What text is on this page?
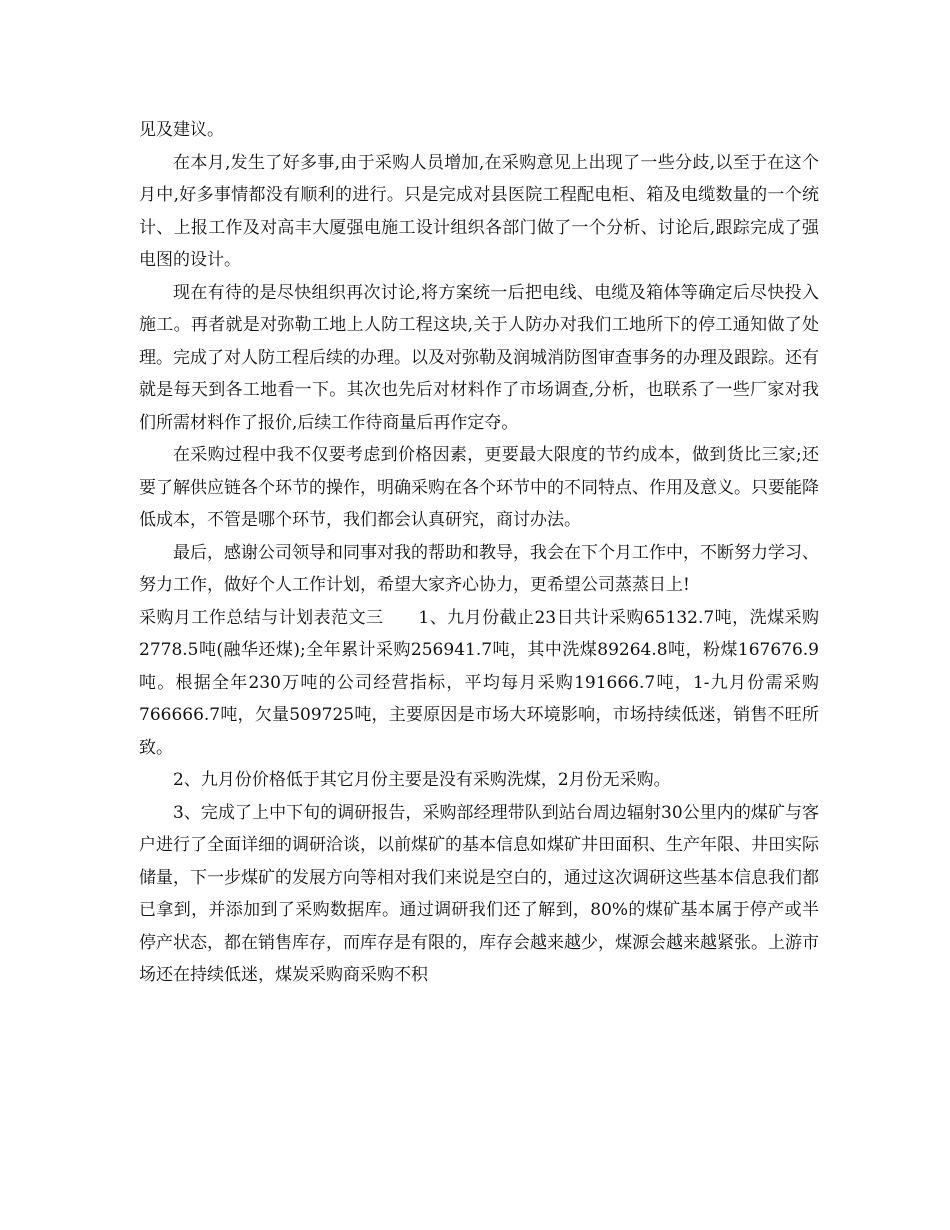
见及建议。

在本月,发生了好多事,由于采购人员增加,在采购意见上出现了一些分歧,以至于在这个月中,好多事情都没有顺利的进行。只是完成对县医院工程配电柜、箱及电缆数量的一个统计、上报工作及对高丰大厦强电施工设计组织各部门做了一个分析、讨论后,跟踪完成了强电图的设计。

现在有待的是尽快组织再次讨论,将方案统一后把电线、电缆及箱体等确定后尽快投入施工。再者就是对弥勒工地上人防工程这块,关于人防办对我们工地所下的停工通知做了处理。完成了对人防工程后续的办理。以及对弥勒及润城消防图审查事务的办理及跟踪。还有就是每天到各工地看一下。其次也先后对材料作了市场调查,分析，也联系了一些厂家对我们所需材料作了报价,后续工作待商量后再作定夺。

在采购过程中我不仅要考虑到价格因素，更要最大限度的节约成本，做到货比三家;还要了解供应链各个环节的操作，明确采购在各个环节中的不同特点、作用及意义。只要能降低成本，不管是哪个环节，我们都会认真研究，商讨办法。

最后，感谢公司领导和同事对我的帮助和教导，我会在下个月工作中，不断努力学习、努力工作，做好个人工作计划，希望大家齐心协力，更希望公司蒸蒸日上!

采购月工作总结与计划表范文三　　1、九月份截止23日共计采购65132.7吨，洗煤采购2778.5吨(融华还煤);全年累计采购256941.7吨，其中洗煤89264.8吨，粉煤167676.9吨。根据全年230万吨的公司经营指标，平均每月采购191666.7吨，1-九月份需采购766666.7吨，欠量509725吨，主要原因是市场大环境影响，市场持续低迷，销售不旺所致。

2、九月份价格低于其它月份主要是没有采购洗煤，2月份无采购。

3、完成了上中下旬的调研报告，采购部经理带队到站台周边辐射30公里内的煤矿与客户进行了全面详细的调研洽谈，以前煤矿的基本信息如煤矿井田面积、生产年限、井田实际储量，下一步煤矿的发展方向等相对我们来说是空白的，通过这次调研这些基本信息我们都已拿到，并添加到了采购数据库。通过调研我们还了解到，80%的煤矿基本属于停产或半停产状态，都在销售库存，而库存是有限的，库存会越来越少，煤源会越来越紧张。上游市场还在持续低迷，煤炭采购商采购不积
